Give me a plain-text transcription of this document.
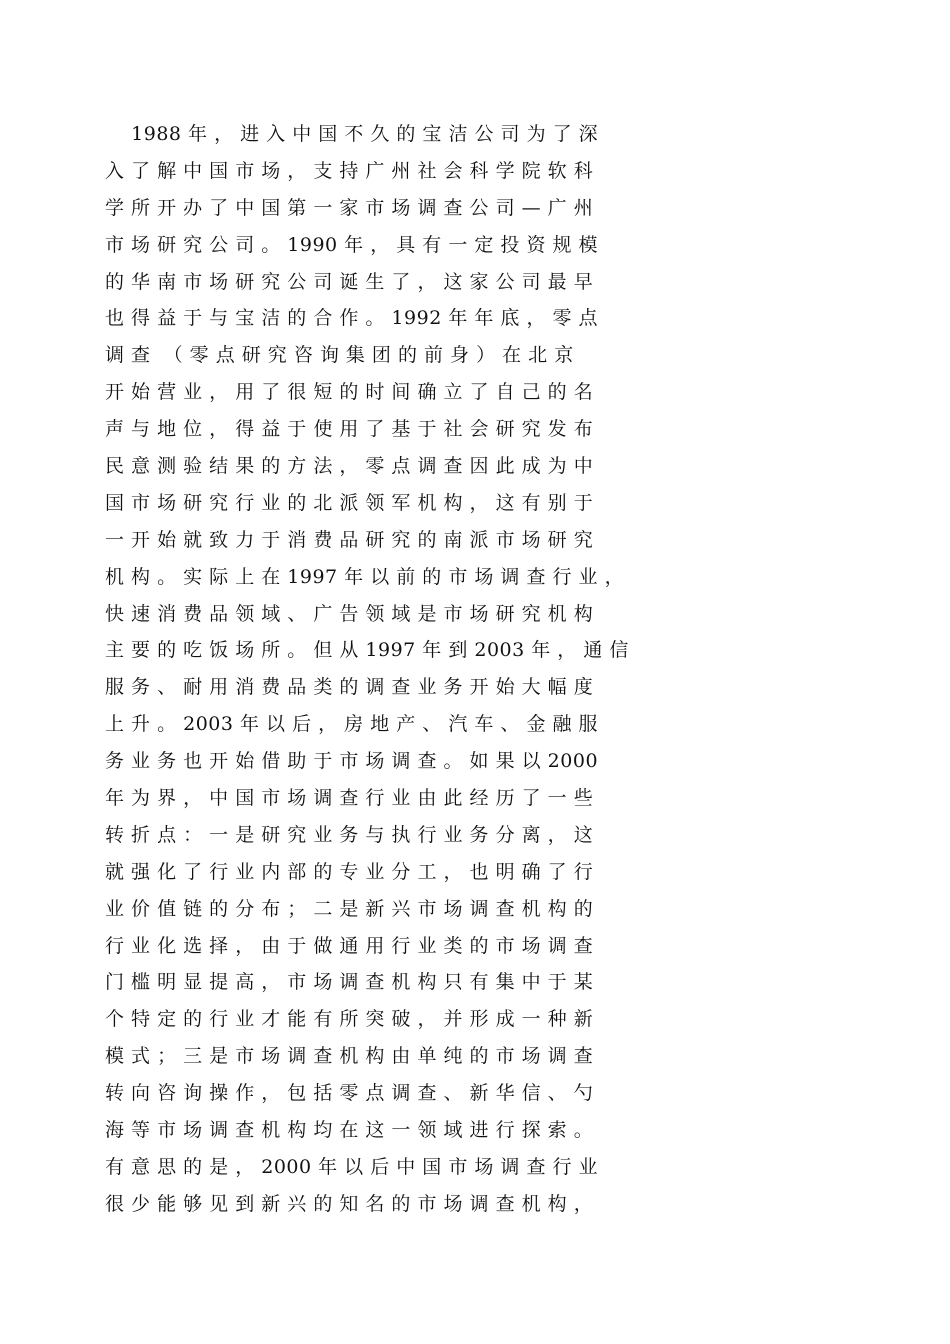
1988 年 ， 进 入 中 国 不 久 的 宝 洁 公 司 为 了 深
入 了 解 中 国 市 场 ， 支 持 广 州 社 会 科 学 院 软 科
学 所 开 办 了 中 国 第 一 家 市 场 调 查 公 司 — 广 州
市 场 研 究 公 司 。 1990 年 ， 具 有 一 定 投 资 规 模
的 华 南 市 场 研 究 公 司 诞 生 了 ， 这 家 公 司 最 早
也 得 益 于 与 宝 洁 的 合 作 。 1992 年 年 底 ， 零 点
调 查  （ 零 点 研 究 咨 询 集 团 的 前 身 ） 在 北 京
开 始 营 业 ， 用 了 很 短 的 时 间 确 立 了 自 己 的 名
声 与 地 位 ， 得 益 于 使 用 了 基 于 社 会 研 究 发 布
民 意 测 验 结 果 的 方 法 ， 零 点 调 查 因 此 成 为 中
国 市 场 研 究 行 业 的 北 派 领 军 机 构 ， 这 有 别 于
一 开 始 就 致 力 于 消 费 品 研 究 的 南 派 市 场 研 究
机 构 。 实 际 上 在 1997 年 以 前 的 市 场 调 查 行 业 ，
快 速 消 费 品 领 域 、 广 告 领 域 是 市 场 研 究 机 构
主 要 的 吃 饭 场 所 。 但 从 1997 年 到 2003 年 ， 通 信
服 务 、 耐 用 消 费 品 类 的 调 查 业 务 开 始 大 幅 度
上 升 。 2003 年 以 后 ， 房 地 产 、 汽 车 、 金 融 服
务 业 务 也 开 始 借 助 于 市 场 调 查 。 如 果 以 2000
年 为 界 ， 中 国 市 场 调 查 行 业 由 此 经 历 了 一 些
转 折 点 ： 一 是 研 究 业 务 与 执 行 业 务 分 离 ， 这
就 强 化 了 行 业 内 部 的 专 业 分 工 ， 也 明 确 了 行
业 价 值 链 的 分 布 ； 二 是 新 兴 市 场 调 查 机 构 的
行 业 化 选 择 ， 由 于 做 通 用 行 业 类 的 市 场 调 查
门 槛 明 显 提 高 ， 市 场 调 查 机 构 只 有 集 中 于 某
个 特 定 的 行 业 才 能 有 所 突 破 ， 并 形 成 一 种 新
模 式 ； 三 是 市 场 调 查 机 构 由 单 纯 的 市 场 调 查
转 向 咨 询 操 作 ， 包 括 零 点 调 查 、 新 华 信 、 勺
海 等 市 场 调 查 机 构 均 在 这 一 领 域 进 行 探 索 。
有 意 思 的 是 ， 2000 年 以 后 中 国 市 场 调 查 行 业
很 少 能 够 见 到 新 兴 的 知 名 的 市 场 调 查 机 构 ，
